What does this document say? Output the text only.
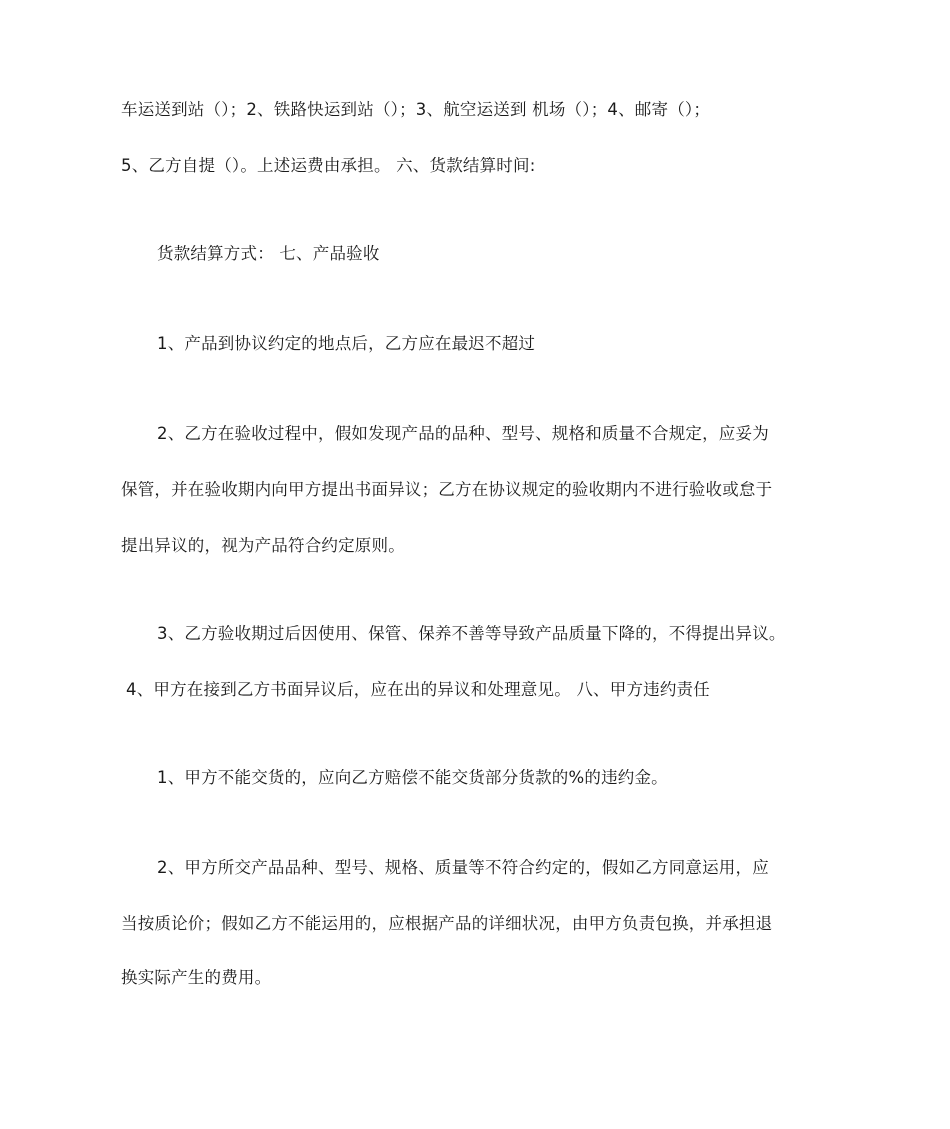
车运送到站（）；2、铁路快运到站（）；3、航空运送到 机场（）；4、邮寄（）；
5、乙方自提（）。上述运费由承担。 六、货款结算时间:
货款结算方式： 七、产品验收
1、产品到协议约定的地点后，乙方应在最迟不超过
2、乙方在验收过程中，假如发现产品的品种、型号、规格和质量不合规定，应妥为
保管，并在验收期内向甲方提出书面异议；乙方在协议规定的验收期内不进行验收或怠于
提出异议的，视为产品符合约定原则。
3、乙方验收期过后因使用、保管、保养不善等导致产品质量下降的，不得提出异议。
4、甲方在接到乙方书面异议后，应在出的异议和处理意见。 八、甲方违约责任
1、甲方不能交货的，应向乙方赔偿不能交货部分货款的%的违约金。
2、甲方所交产品品种、型号、规格、质量等不符合约定的，假如乙方同意运用，应
当按质论价；假如乙方不能运用的，应根据产品的详细状况，由甲方负责包换，并承担退
换实际产生的费用。
